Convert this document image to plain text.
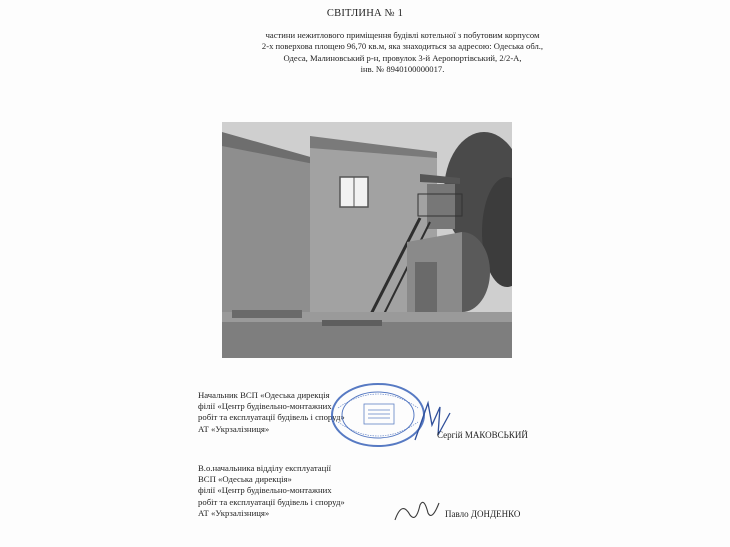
СВІТЛИНА № 1
частини нежитлового приміщення будівлі котельної з побутовим корпусом
2-х поверхова площею 96,70 кв.м, яка знаходиться за адресою: Одеська обл.,
Одеса, Малиновський р-н, провулок 3-й Аеропортівський, 2/2-А,
інв. № 8940100000017.
Начальник ВСП «Одеська дирекція
філії «Центр будівельно-монтажних
робіт та експлуатації будівель і споруд»
АТ «Укрзалізниця»
Сергій МАКОВСЬКИЙ
В.о.начальника відділу експлуатації
ВСП «Одеська дирекція»
філії «Центр будівельно-монтажних
робіт та експлуатації будівель і споруд»
АТ «Укрзалізниця»	Павло ДОНДЕНКО
